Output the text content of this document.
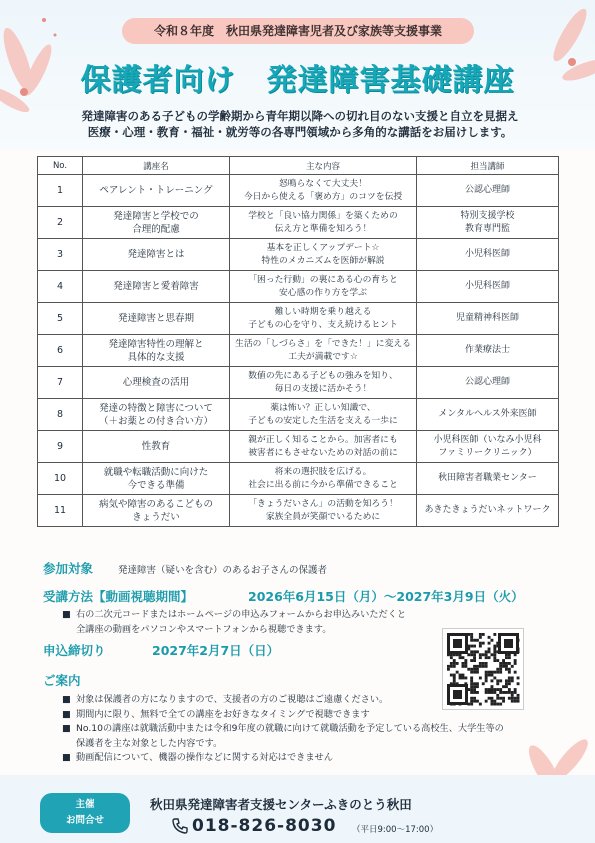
令和８年度　秋田県発達障害児者及び家族等支援事業
保護者向け　発達障害基礎講座
発達障害のある子どもの学齢期から青年期以降への切れ目のない支援と自立を見据え
医療・心理・教育・福祉・就労等の各専門領域から多角的な講話をお届けします。
No.	講座名	主な内容	担当講師
1	ペアレント・トレーニング	怒鳴らなくて大丈夫！
今日から使える「褒め方」のコツを伝授	公認心理師

2	発達障害と学校での
合理的配慮	学校と「良い協力関係」を築くための
伝え方と準備を知ろう！	特別支援学校
教育専門監

3	発達障害とは	基本を正しくアップデート☆
特性のメカニズムを医師が解説	小児科医師

4	発達障害と愛着障害	「困った行動」の裏にある心の育ちと
安心感の作り方を学ぶ	小児科医師

5	発達障害と思春期	難しい時期を乗り越える
子どもの心を守り、支え続けるヒント	児童精神科医師

6	発達障害特性の理解と
具体的な支援	生活の「しづらさ」を「できた！」に変える
工夫が満載です☆	作業療法士

7	心理検査の活用	数値の先にある子どもの強みを知り、
毎日の支援に活かそう！	公認心理師

8	発達の特徴と障害について
（＋お薬との付き合い方）	薬は怖い？正しい知識で、
子どもの安定した生活を支える一歩に	メンタルヘルス外来医師

9	性教育	親が正しく知ることから。加害者にも
被害者にもさせないための対話の前に	小児科医師（いなみ小児科
ファミリークリニック）

10	就職や転職活動に向けた
今できる準備	将来の選択肢を広げる。
社会に出る前に今から準備できること	秋田障害者職業センター

11	病気や障害のあるこどもの
きょうだい	「きょうだいさん」の活動を知ろう！
家族全員が笑顔でいるために	あきたきょうだいネットワーク
参加対象	発達障害（疑いを含む）のあるお子さんの保護者
受講方法【動画視聴期間】	2026年6月15日（月）～2027年3月9日（火）
■ 右の二次元コードまたはホームページの申込みフォームからお申込みいただくと
全講座の動画をパソコンやスマートフォンから視聴できます。
申込締切り	2027年2月7日（日）
ご案内
■ 対象は保護者の方になりますので、支援者の方のご視聴はご遠慮ください。
■ 期間内に限り、無料で全ての講座をお好きなタイミングで視聴できます
■ No.10の講座は就職活動中または令和9年度の就職に向けて就職活動を予定している高校生、大学生等の
保護者を主な対象とした内容です。
■ 動画配信について、機器の操作などに関する対応はできません
主催
お問合せ
秋田県発達障害者支援センターふきのとう秋田
018-826-8030 （平日9:00～17:00）
